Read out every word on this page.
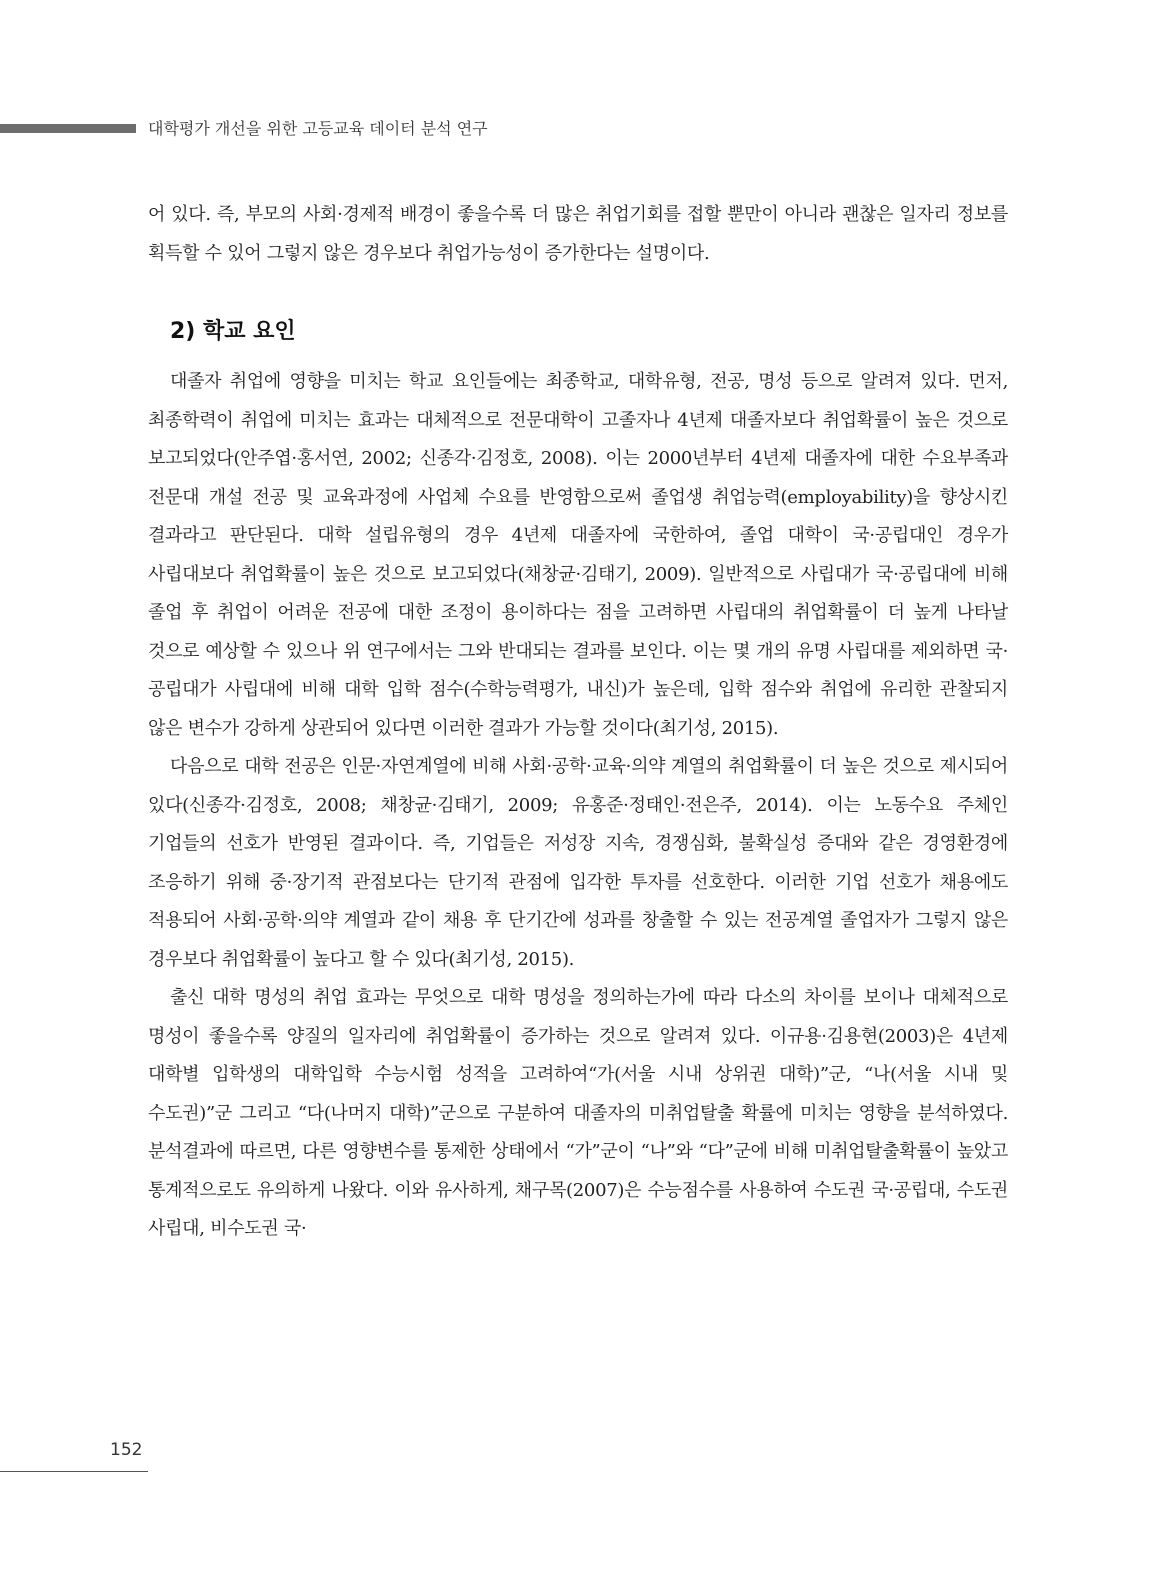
대학평가 개선을 위한 고등교육 데이터 분석 연구

어 있다. 즉, 부모의 사회·경제적 배경이 좋을수록 더 많은 취업기회를 접할 뿐만이 아니라 괜찮은 일자리 정보를 획득할 수 있어 그렇지 않은 경우보다 취업가능성이 증가한다는 설명이다.

2) 학교 요인

대졸자 취업에 영향을 미치는 학교 요인들에는 최종학교, 대학유형, 전공, 명성 등으로 알려져 있다. 먼저, 최종학력이 취업에 미치는 효과는 대체적으로 전문대학이 고졸자나 4년제 대졸자보다 취업확률이 높은 것으로 보고되었다(안주엽·홍서연, 2002; 신종각·김정호, 2008). 이는 2000년부터 4년제 대졸자에 대한 수요부족과 전문대 개설 전공 및 교육과정에 사업체 수요를 반영함으로써 졸업생 취업능력(employability)을 향상시킨 결과라고 판단된다. 대학 설립유형의 경우 4년제 대졸자에 국한하여, 졸업 대학이 국·공립대인 경우가 사립대보다 취업확률이 높은 것으로 보고되었다(채창균·김태기, 2009). 일반적으로 사립대가 국·공립대에 비해 졸업 후 취업이 어려운 전공에 대한 조정이 용이하다는 점을 고려하면 사립대의 취업확률이 더 높게 나타날 것으로 예상할 수 있으나 위 연구에서는 그와 반대되는 결과를 보인다. 이는 몇 개의 유명 사립대를 제외하면 국·공립대가 사립대에 비해 대학 입학 점수(수학능력평가, 내신)가 높은데, 입학 점수와 취업에 유리한 관찰되지 않은 변수가 강하게 상관되어 있다면 이러한 결과가 가능할 것이다(최기성, 2015).

다음으로 대학 전공은 인문·자연계열에 비해 사회·공학·교육·의약 계열의 취업확률이 더 높은 것으로 제시되어 있다(신종각·김정호, 2008; 채창균·김태기, 2009; 유홍준·정태인·전은주, 2014). 이는 노동수요 주체인 기업들의 선호가 반영된 결과이다. 즉, 기업들은 저성장 지속, 경쟁심화, 불확실성 증대와 같은 경영환경에 조응하기 위해 중·장기적 관점보다는 단기적 관점에 입각한 투자를 선호한다. 이러한 기업 선호가 채용에도 적용되어 사회·공학·의약 계열과 같이 채용 후 단기간에 성과를 창출할 수 있는 전공계열 졸업자가 그렇지 않은 경우보다 취업확률이 높다고 할 수 있다(최기성, 2015).

출신 대학 명성의 취업 효과는 무엇으로 대학 명성을 정의하는가에 따라 다소의 차이를 보이나 대체적으로 명성이 좋을수록 양질의 일자리에 취업확률이 증가하는 것으로 알려져 있다. 이규용·김용현(2003)은 4년제 대학별 입학생의 대학입학 수능시험 성적을 고려하여“가(서울 시내 상위권 대학)”군, “나(서울 시내 및 수도권)”군 그리고 “다(나머지 대학)”군으로 구분하여 대졸자의 미취업탈출 확률에 미치는 영향을 분석하였다. 분석결과에 따르면, 다른 영향변수를 통제한 상태에서 “가”군이 “나”와 “다”군에 비해 미취업탈출확률이 높았고 통계적으로도 유의하게 나왔다. 이와 유사하게, 채구목(2007)은 수능점수를 사용하여 수도권 국·공립대, 수도권 사립대, 비수도권 국·

152
